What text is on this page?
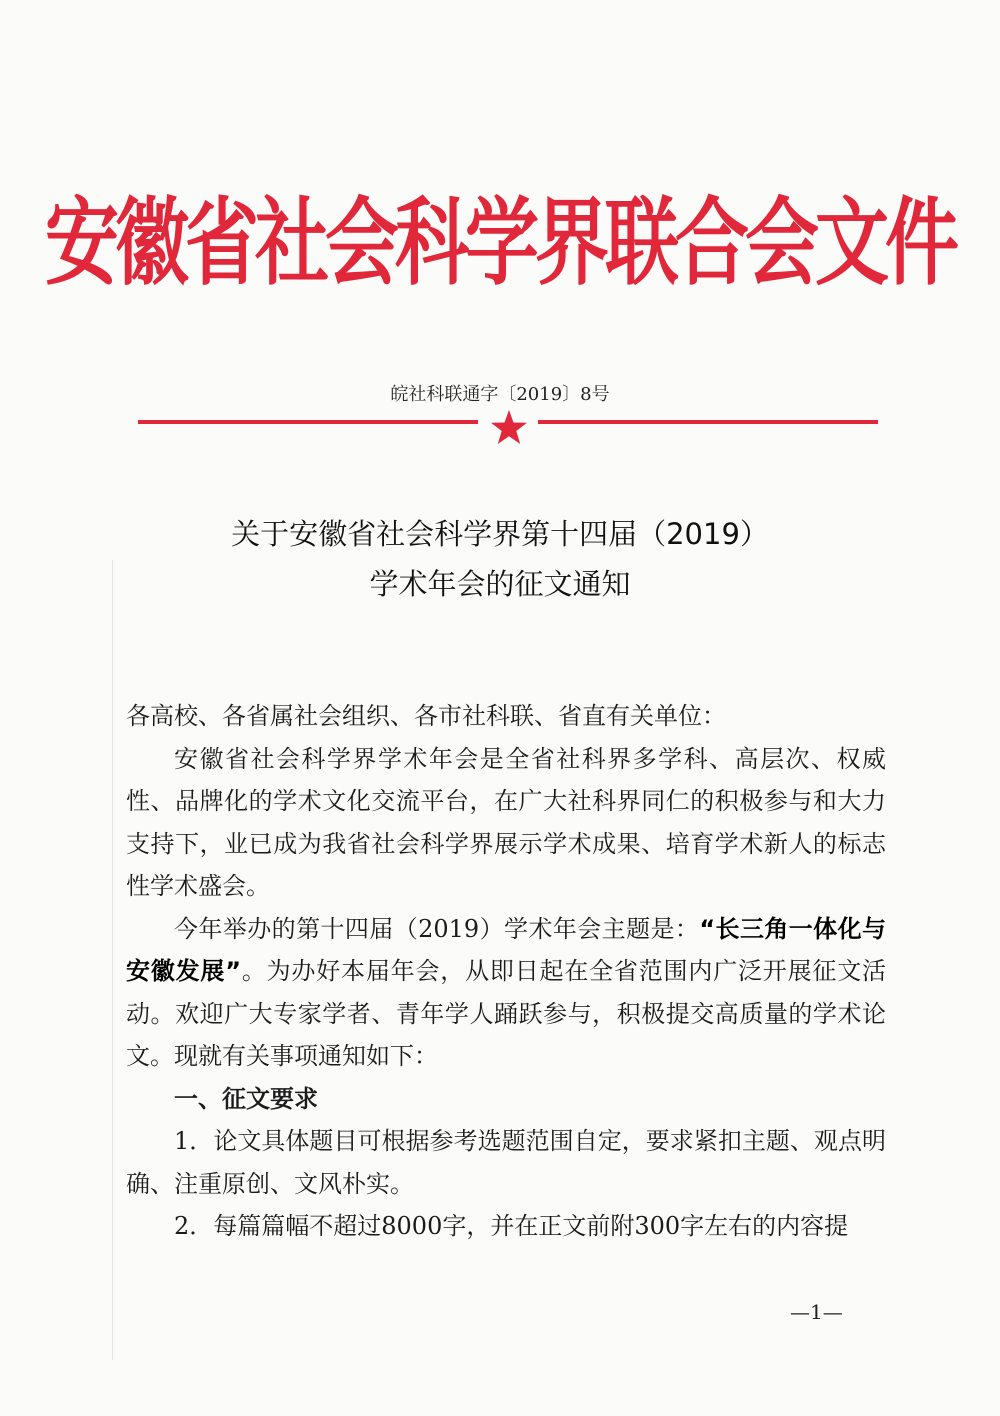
安徽省社会科学界联合会文件
皖社科联通字〔2019〕8号
关于安徽省社会科学界第十四届（2019）
学术年会的征文通知

各高校、各省属社会组织、各市社科联、省直有关单位：

安徽省社会科学界学术年会是全省社科界多学科、高层次、权威性、品牌化的学术文化交流平台，在广大社科界同仁的积极参与和大力支持下，业已成为我省社会科学界展示学术成果、培育学术新人的标志性学术盛会。

今年举办的第十四届（2019）学术年会主题是：“长三角一体化与安徽发展”。为办好本届年会，从即日起在全省范围内广泛开展征文活动。欢迎广大专家学者、青年学人踊跃参与，积极提交高质量的学术论文。现就有关事项通知如下：

一、征文要求

1．论文具体题目可根据参考选题范围自定，要求紧扣主题、观点明确、注重原创、文风朴实。

2．每篇篇幅不超过8000字，并在正文前附300字左右的内容提

—1—
